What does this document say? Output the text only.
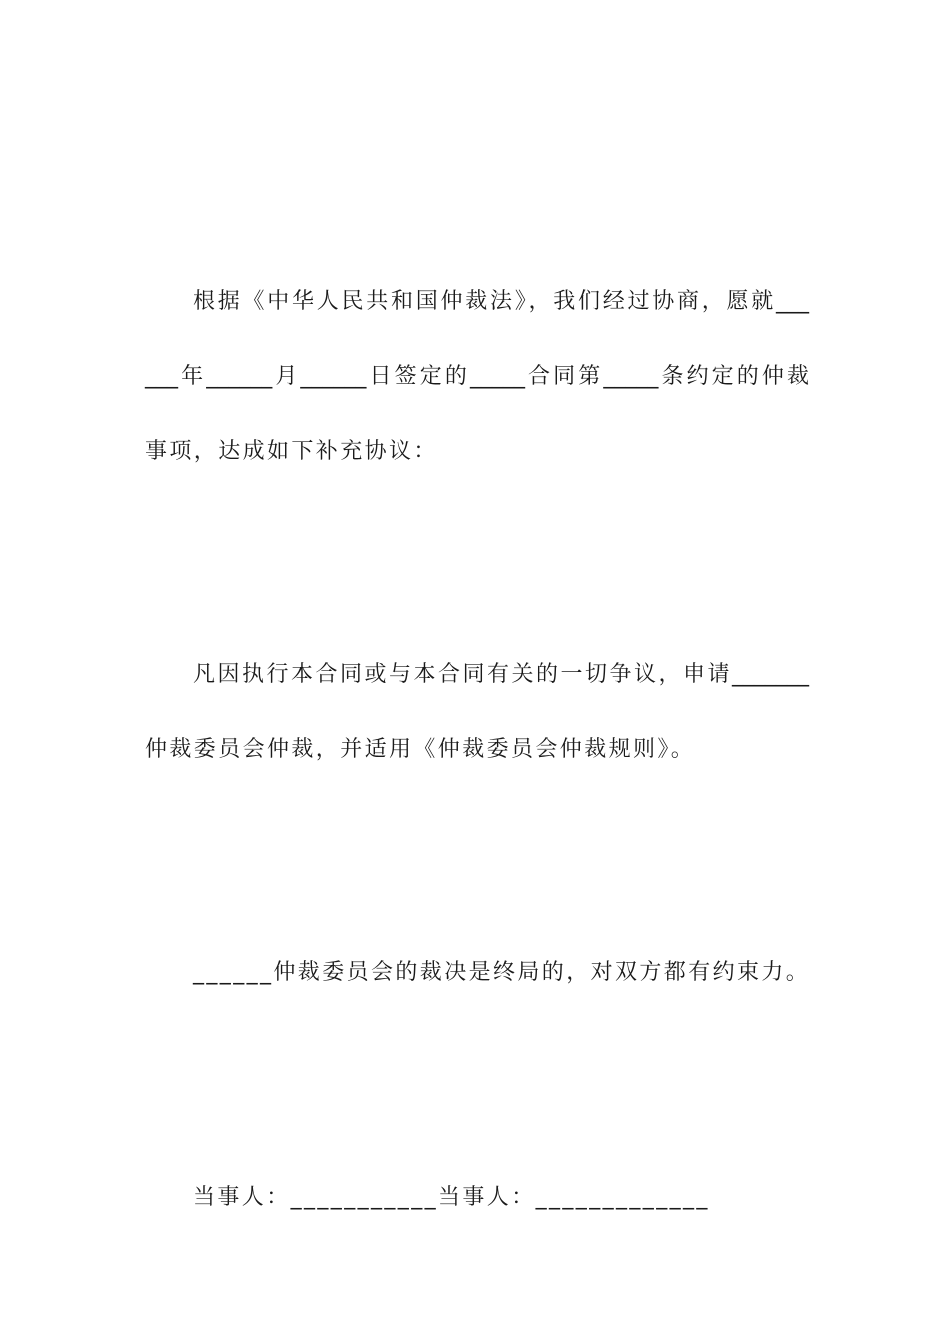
根据《中华人民共和国仲裁法》，我们经过协商，愿就___
___年______月______日签定的_____合同第_____条约定的仲裁
事项，达成如下补充协议：
凡因执行本合同或与本合同有关的一切争议，申请_______
仲裁委员会仲裁，并适用《仲裁委员会仲裁规则》。
______仲裁委员会的裁决是终局的，对双方都有约束力。
当事人：___________当事人：_____________
